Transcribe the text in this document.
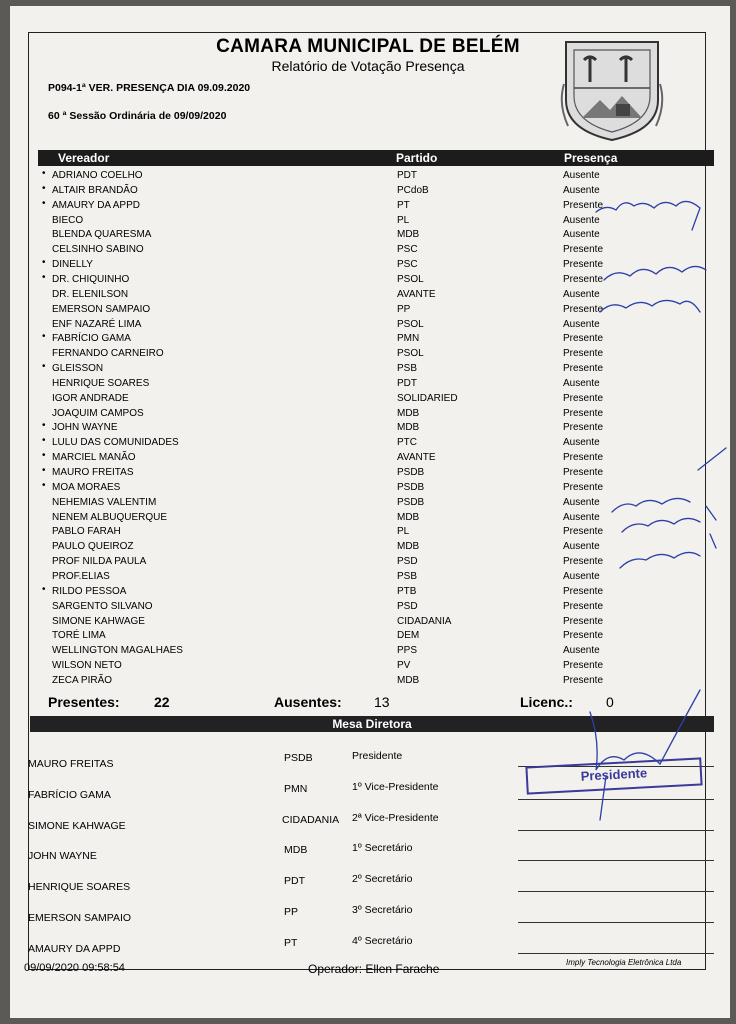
CAMARA MUNICIPAL DE BELÉM
Relatório de Votação Presença
P094-1ª VER. PRESENÇA DIA 09.09.2020
60 ª Sessão Ordinária de 09/09/2020
Vereador	Partido	Presença
• ADRIANO COELHO	PDT	Ausente
• ALTAIR BRANDÃO	PCdoB	Ausente
• AMAURY DA APPD	PT	Presente
BIECO	PL	Ausente
BLENDA QUARESMA	MDB	Ausente
CELSINHO SABINO	PSC	Presente
• DINELLY	PSC	Presente
• DR. CHIQUINHO	PSOL	Presente
DR. ELENILSON	AVANTE	Ausente
EMERSON SAMPAIO	PP	Presente
ENF NAZARÉ LIMA	PSOL	Ausente
• FABRÍCIO GAMA	PMN	Presente
FERNANDO CARNEIRO	PSOL	Presente
• GLEISSON	PSB	Presente
HENRIQUE SOARES	PDT	Ausente
IGOR ANDRADE	SOLIDARIED	Presente
JOAQUIM CAMPOS	MDB	Presente
• JOHN WAYNE	MDB	Presente
• LULU DAS COMUNIDADES	PTC	Ausente
• MARCIEL MANÃO	AVANTE	Presente
• MAURO FREITAS	PSDB	Presente
• MOA MORAES	PSDB	Presente
NEHEMIAS VALENTIM	PSDB	Ausente
NENEM ALBUQUERQUE	MDB	Ausente
PABLO FARAH	PL	Presente
PAULO QUEIROZ	MDB	Ausente
PROF NILDA PAULA	PSD	Presente
PROF.ELIAS	PSB	Ausente
• RILDO PESSOA	PTB	Presente
SARGENTO SILVANO	PSD	Presente
SIMONE KAHWAGE	CIDADANIA	Presente
TORÉ LIMA	DEM	Presente
WELLINGTON MAGALHAES	PPS	Ausente
WILSON NETO	PV	Presente
ZECA PIRÃO	MDB	Presente
Presentes: 22	Ausentes: 13	Licenc.: 0
Mesa Diretora
MAURO FREITAS	PSDB	Presidente
FABRÍCIO GAMA	PMN	1º Vice-Presidente
SIMONE KAHWAGE	CIDADANIA 2ª Vice-Presidente
JOHN WAYNE	MDB	1º Secretário
HENRIQUE SOARES	PDT	2º Secretário
EMERSON SAMPAIO	PP	3º Secretário
AMAURY DA APPD	PT	4º Secretário
Presidente
09/09/2020 09:58:54	Operador: Ellen Farache	Imply Tecnologia Eletrônica Ltda
